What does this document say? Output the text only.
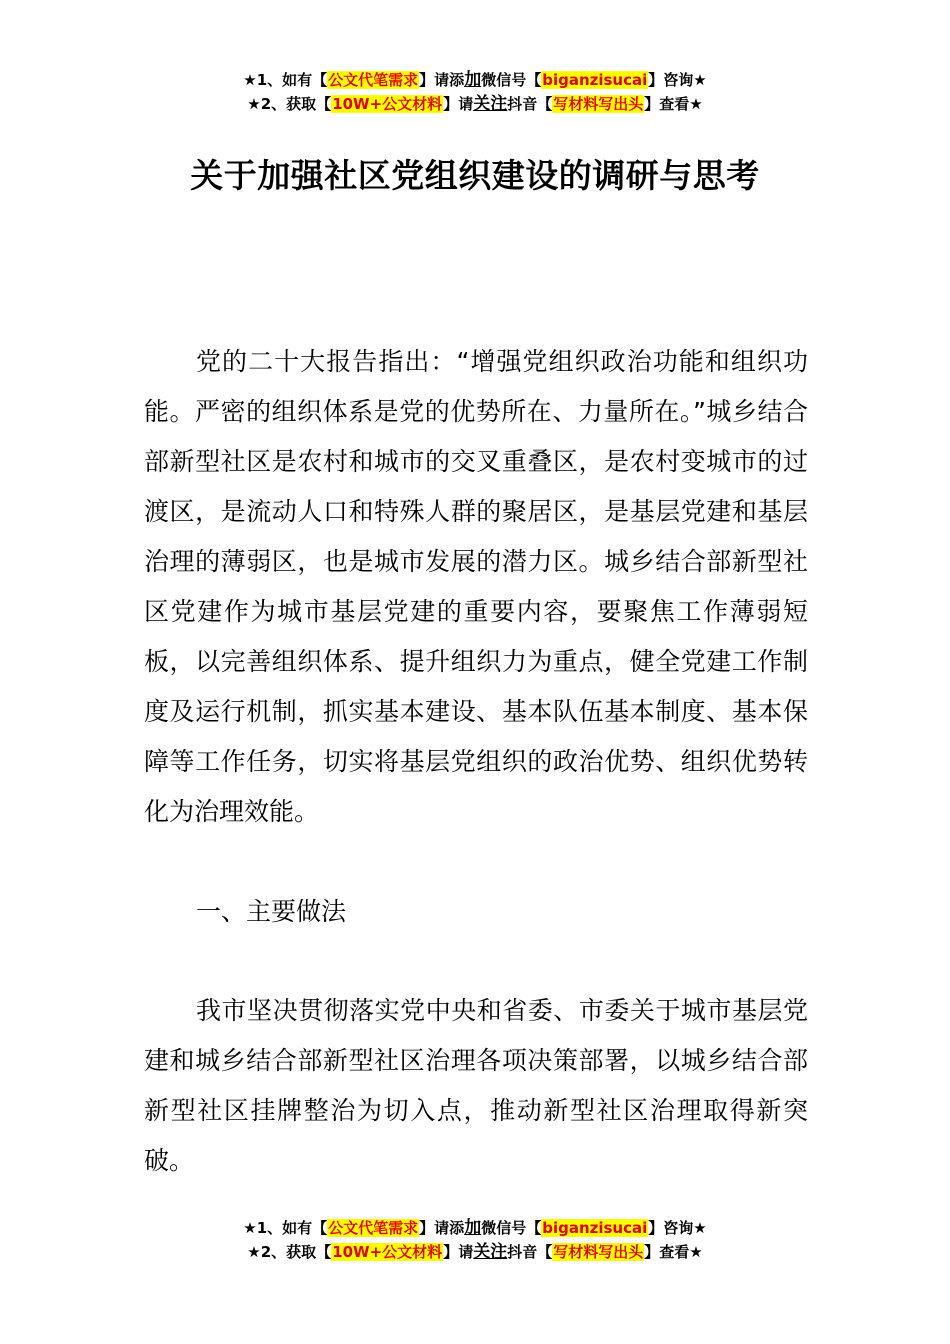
★1、如有【公文代笔需求】请添加微信号【biganzisucai】咨询★
★2、获取【10W+公文材料】请关注抖音【写材料写出头】查看★
关于加强社区党组织建设的调研与思考

党的二十大报告指出：“增强党组织政治功能和组织功能。严密的组织体系是党的优势所在、力量所在。”城乡结合部新型社区是农村和城市的交叉重叠区，是农村变城市的过渡区，是流动人口和特殊人群的聚居区，是基层党建和基层治理的薄弱区，也是城市发展的潜力区。城乡结合部新型社区党建作为城市基层党建的重要内容，要聚焦工作薄弱短板，以完善组织体系、提升组织力为重点，健全党建工作制度及运行机制，抓实基本建设、基本队伍基本制度、基本保障等工作任务，切实将基层党组织的政治优势、组织优势转化为治理效能。

一、主要做法

我市坚决贯彻落实党中央和省委、市委关于城市基层党建和城乡结合部新型社区治理各项决策部署，以城乡结合部新型社区挂牌整治为切入点，推动新型社区治理取得新突破。

★1、如有【公文代笔需求】请添加微信号【biganzisucai】咨询★
★2、获取【10W+公文材料】请关注抖音【写材料写出头】查看★
